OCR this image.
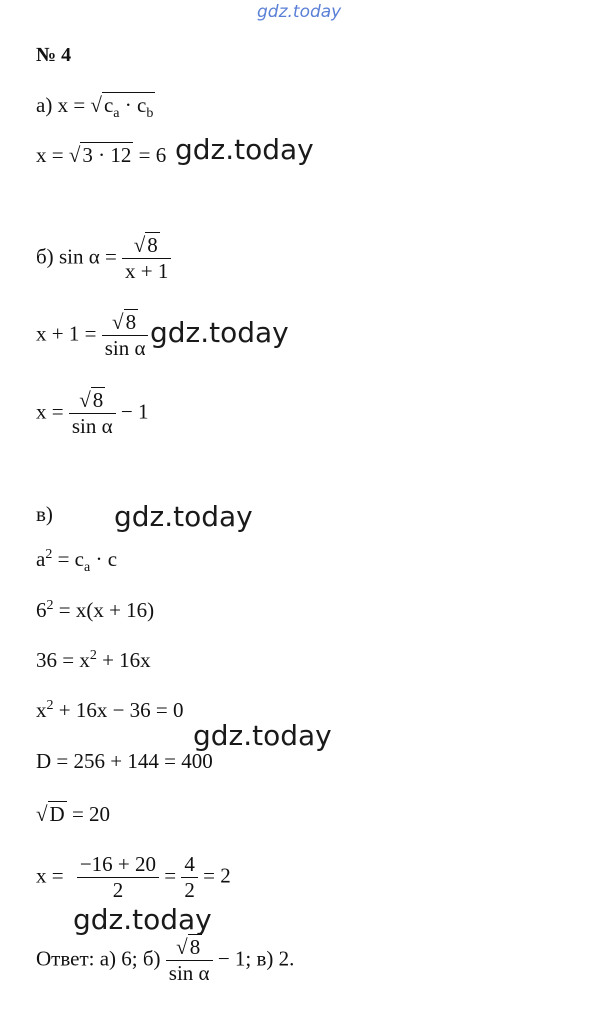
gdz.today
№ 4
а) $x = √c_a \cdot c_b$
x = √3 · 12 = 6 gdz.today
б) $\sin \alpha = \frac{√8}{x + 1}$
$x + 1 = \frac{√8}{\text{sin α}}$ gdz.today
$x = \frac{√8}{\text{sin α}} - 1$
в) gdz.today
$a^2 = c_a \cdot c$
$6^2 = x(x + 16)$
$36 = x^2 + 16x$
$x^2 + 16x - 36 = 0$
gdz.today
D = 256 + 144 = 400
√D = 20
$x = \frac{-16 + 20}{2} = \frac{4}{2} = 2$
gdz.today
Ответ: а) 6; $б) \frac{√8}{\text{sin α}} - 1$; в) 2.
